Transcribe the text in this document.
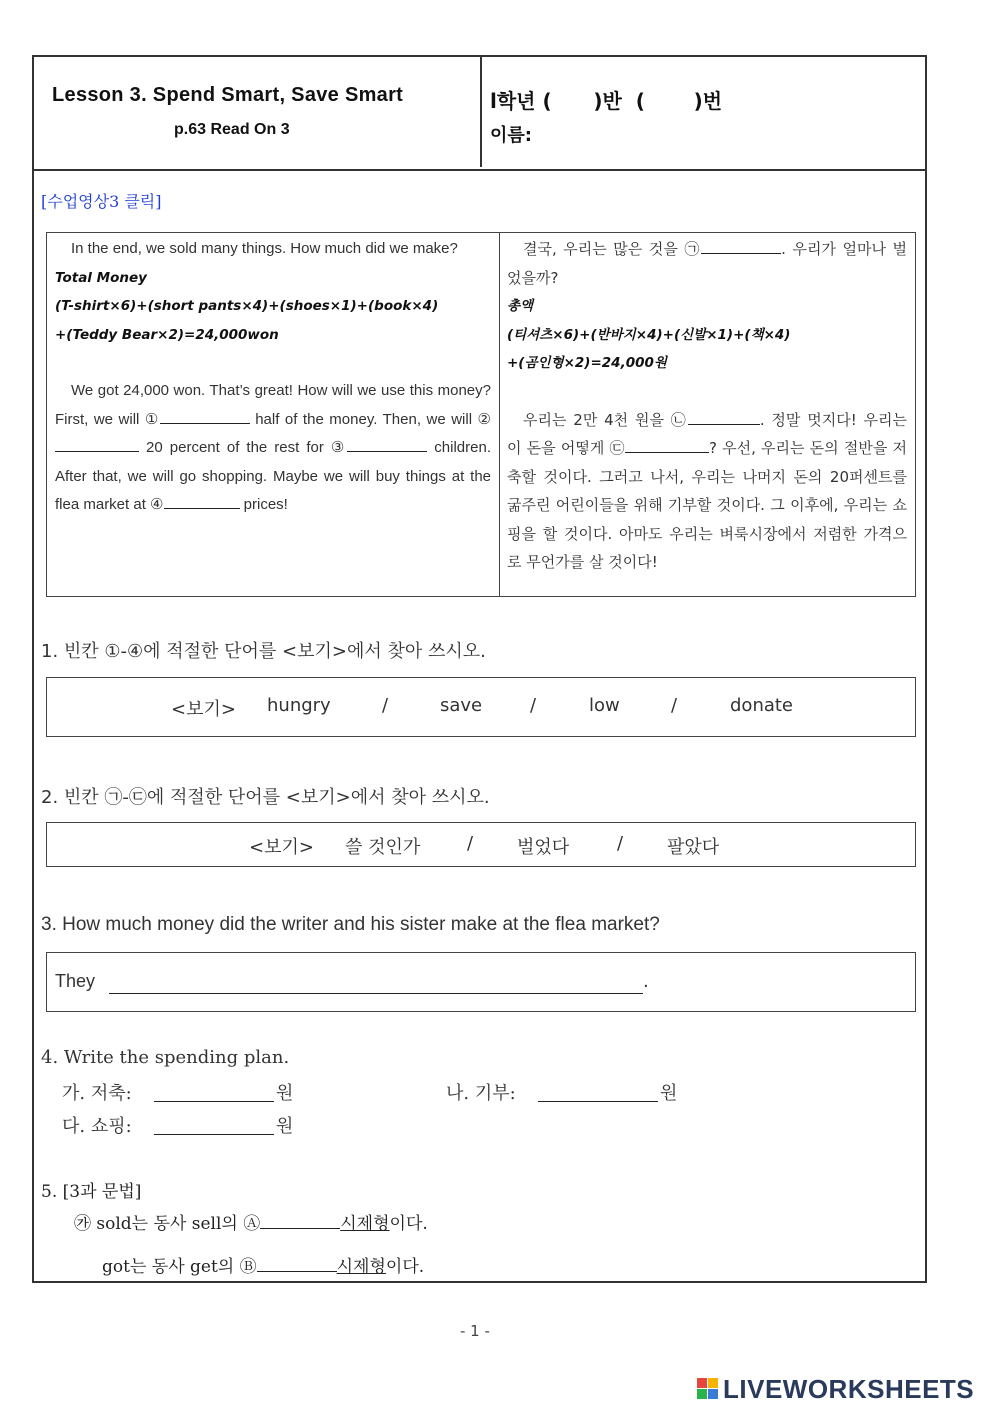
Lesson 3. Spend Smart, Save Smart
p.63 Read On 3
l학년 (      )반  (       )번
이름:
[수업영상3 클릭]

In the end, we sold many things. How much did we make?

Total Money
(T-shirt×6)+(short pants×4)+(shoes×1)+(book×4)
+(Teddy Bear×2)=24,000won

We got 24,000 won. That’s great! How will we use this money? First, we will ①	half of the money. Then, we will ② 20 percent of the rest for ③	children. After that, we will go shopping. Maybe we will buy things at the flea market at ④	prices!

결국, 우리는 많은 것을 ㉠	. 우리가 얼마나 벌었을까?

총액
(티셔츠×6)+(반바지×4)+(신발×1)+(책×4)
+(곰인형×2)=24,000원

우리는 2만 4천 원을 ㉡	. 정말 멋지다! 우리는 이 돈을 어떻게 ㉢	? 우선, 우리는 돈의 절반을 저축할 것이다. 그러고 나서, 우리는 나머지 돈의 20퍼센트를 굶주린 어린이들을 위해 기부할 것이다. 그 이후에, 우리는 쇼핑을 할 것이다. 아마도 우리는 벼룩시장에서 저렴한 가격으로 무언가를 살 것이다!

1. 빈칸 ①-④에 적절한 단어를 <보기>에서 찾아 쓰시오.
<보기> hungry	/	save	/	low	/	donate
2. 빈칸 ㉠-㉢에 적절한 단어를 <보기>에서 찾아 쓰시오.
<보기> 쓸 것인가	/ 벌었다	/ 팔았다
3. How much money did the writer and his sister make at the flea market?
They	.
4. Write the spending plan.
가. 저축:	원	나. 기부:	원
다. 쇼핑:	원
5. [3과 문법]
㉮ sold는 동사 sell의 Ⓐ	시제형이다.
got는 동사 get의 Ⓑ	시제형이다.
- 1 -
LIVEWORKSHEETS
